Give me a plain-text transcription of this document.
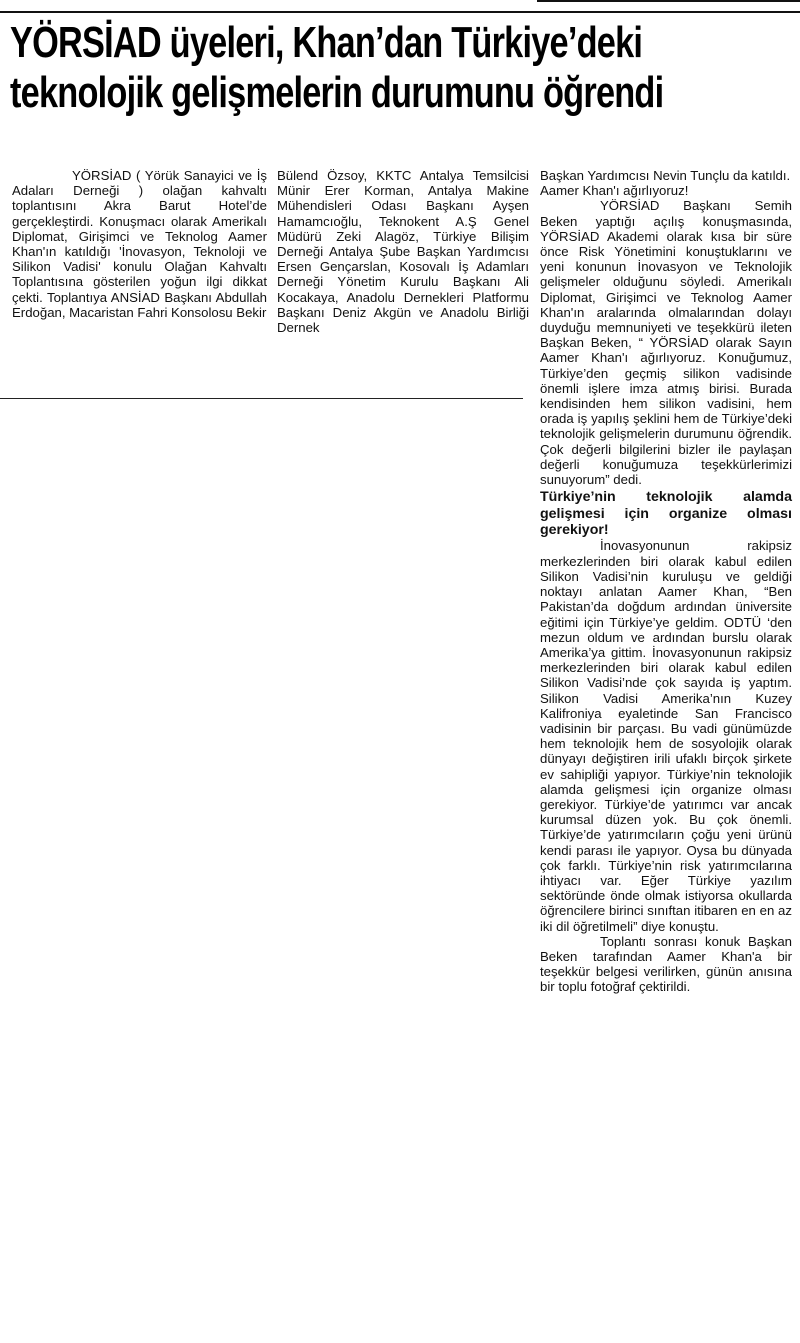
YÖRSİAD üyeleri, Khan’dan Türkiye’deki teknolojik gelişmelerin durumunu öğrendi

YÖRSİAD ( Yörük Sanayici ve İş Adaları Derneği ) olağan kahvaltı toplantısını Akra Barut Hotel’de gerçekleştirdi. Konuşmacı olarak Amerikalı Diplomat, Girişimci ve Teknolog Aamer Khan'ın katıldığı 'İnovasyon, Teknoloji ve Silikon Vadisi' konulu Olağan Kahvaltı Toplantısına gösterilen yoğun ilgi dikkat çekti. Toplantıya ANSİAD Başkanı Abdullah Erdoğan, Macaristan Fahri Konsolosu Bekir

Bülend Özsoy, KKTC Antalya Temsilcisi Münir Erer Korman, Antalya Makine Mühendisleri Odası Başkanı Ayşen Hamamcıoğlu, Teknokent A.Ş Genel Müdürü Zeki Alagöz, Türkiye Bilişim Derneği Antalya Şube Başkan Yardımcısı Ersen Gençarslan, Kosovalı İş Adamları Derneği Yönetim Kurulu Başkanı Ali Kocakaya, Anadolu Dernekleri Platformu Başkanı Deniz Akgün ve Anadolu Birliği Dernek

Başkan Yardımcısı Nevin Tunçlu da katıldı.

Aamer Khan'ı ağırlıyoruz!

YÖRSİAD Başkanı Semih Beken yaptığı açılış konuşmasında, YÖRSİAD Akademi olarak kısa bir süre önce Risk Yönetimini konuştuklarını ve yeni konunun İnovasyon ve Teknolojik gelişmeler olduğunu söyledi. Amerikalı Diplomat, Girişimci ve Teknolog Aamer Khan'ın aralarında olmalarından dolayı duyduğu memnuniyeti ve teşekkürü ileten Başkan Beken, “ YÖRSİAD olarak Sayın Aamer Khan'ı ağırlıyoruz. Konuğumuz, Türkiye’den geçmiş silikon vadisinde önemli işlere imza atmış birisi. Burada kendisinden hem silikon vadisini, hem orada iş yapılış şeklini hem de Türkiye’deki teknolojik gelişmelerin durumunu öğrendik. Çok değerli bilgilerini bizler ile paylaşan değerli konuğumuza teşekkürlerimizi sunuyorum” dedi.

Türkiye’nin teknolojik alamda gelişmesi için organize olması gerekiyor!

İnovasyonunun rakipsiz merkezlerinden biri olarak kabul edilen Silikon Vadisi’nin kuruluşu ve geldiği noktayı anlatan Aamer Khan, “Ben Pakistan’da doğdum ardından üniversite eğitimi için Türkiye’ye geldim. ODTÜ ‘den mezun oldum ve ardından burslu olarak Amerika’ya gittim. İnovasyonunun rakipsiz merkezlerinden biri olarak kabul edilen Silikon Vadisi’nde çok sayıda iş yaptım. Silikon Vadisi Amerika’nın Kuzey Kalifroniya eyaletinde San Francisco vadisinin bir parçası. Bu vadi günümüzde hem teknolojik hem de sosyolojik olarak dünyayı değiştiren irili ufaklı birçok şirkete ev sahipliği yapıyor. Türkiye’nin teknolojik alamda gelişmesi için organize olması gerekiyor. Türkiye’de yatırımcı var ancak kurumsal düzen yok. Bu çok önemli. Türkiye’de yatırımcıların çoğu yeni ürünü kendi parası ile yapıyor. Oysa bu dünyada çok farklı. Türkiye’nin risk yatırımcılarına ihtiyacı var. Eğer Türkiye yazılım sektöründe önde olmak istiyorsa okullarda öğrencilere birinci sınıftan itibaren en en az iki dil öğretilmeli” diye konuştu.

Toplantı sonrası konuk Başkan Beken tarafından Aamer Khan'a bir teşekkür belgesi verilirken, günün anısına bir toplu fotoğraf çektirildi.
